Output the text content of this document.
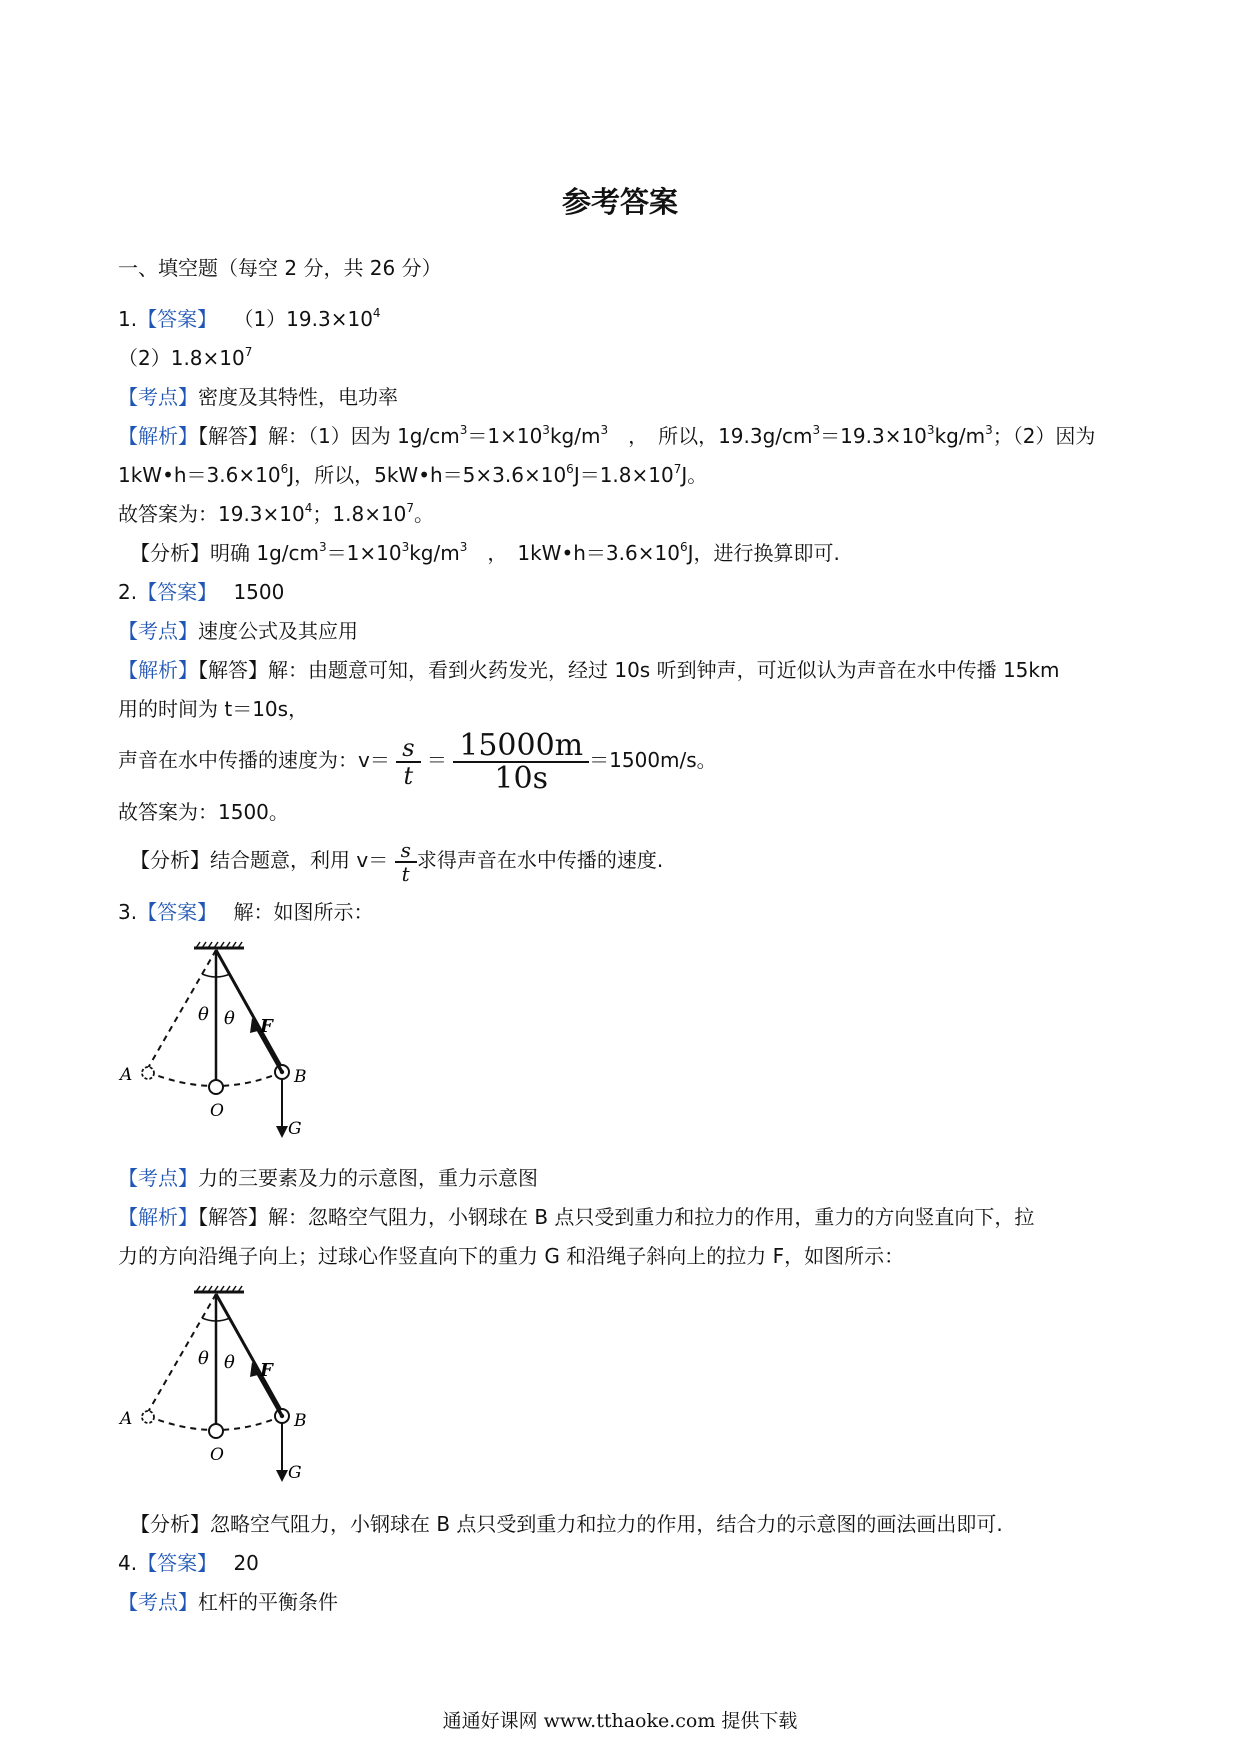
参考答案
一、填空题（每空 2 分，共 26 分）
1.【答案】 $(1)19.3\times 10^4$
$(2)1.8\times 10^7$
【考点】密度及其特性，电功率
【解析】【解答】解：（1）因为 $1g/cm^3=1\times 10^3kg/m^3$　，　所以，$19.3g/cm^3=19.3\times 10^3kg/m^3$；（2）因为
$1kW•h=3.6\times 10^6J$，所以，$5kW•h=5\times 3.6\times 10^6J=1.8\times 10^7J$。
故答案为：$19.3\times 10^4$；$1.8\times 10^7$。
【分析】明确 $1g/cm^3=1\times 10^3kg/m^3$　，　$1kW•h=3.6\times 10^6J$，进行换算即可.
2.【答案】 1500
【考点】速度公式及其应用
【解析】【解答】解：由题意可知，看到火药发光，经过 10s 听到钟声，可近似认为声音在水中传播 15km
用的时间为 t＝10s，
声音在水中传播的速度为：$v= \frac{s}{t} = \frac{15000m}{10s} =1500m/s$。
故答案为：1500。
【分析】结合题意，利用 $v= \frac{s}{t}$ 求得声音在水中传播的速度.
3.【答案】 解：如图所示：
θ θ F
A	B
O
G
【考点】力的三要素及力的示意图，重力示意图
【解析】【解答】解：忽略空气阻力，小钢球在 B 点只受到重力和拉力的作用，重力的方向竖直向下，拉
力的方向沿绳子向上；过球心作竖直向下的重力 G 和沿绳子斜向上的拉力 F，如图所示：
θ θ F
A	B
O
G
【分析】忽略空气阻力，小钢球在 B 点只受到重力和拉力的作用，结合力的示意图的画法画出即可.
4.【答案】 20
【考点】杠杆的平衡条件
通通好课网 www.tthaoke.com 提供下载
